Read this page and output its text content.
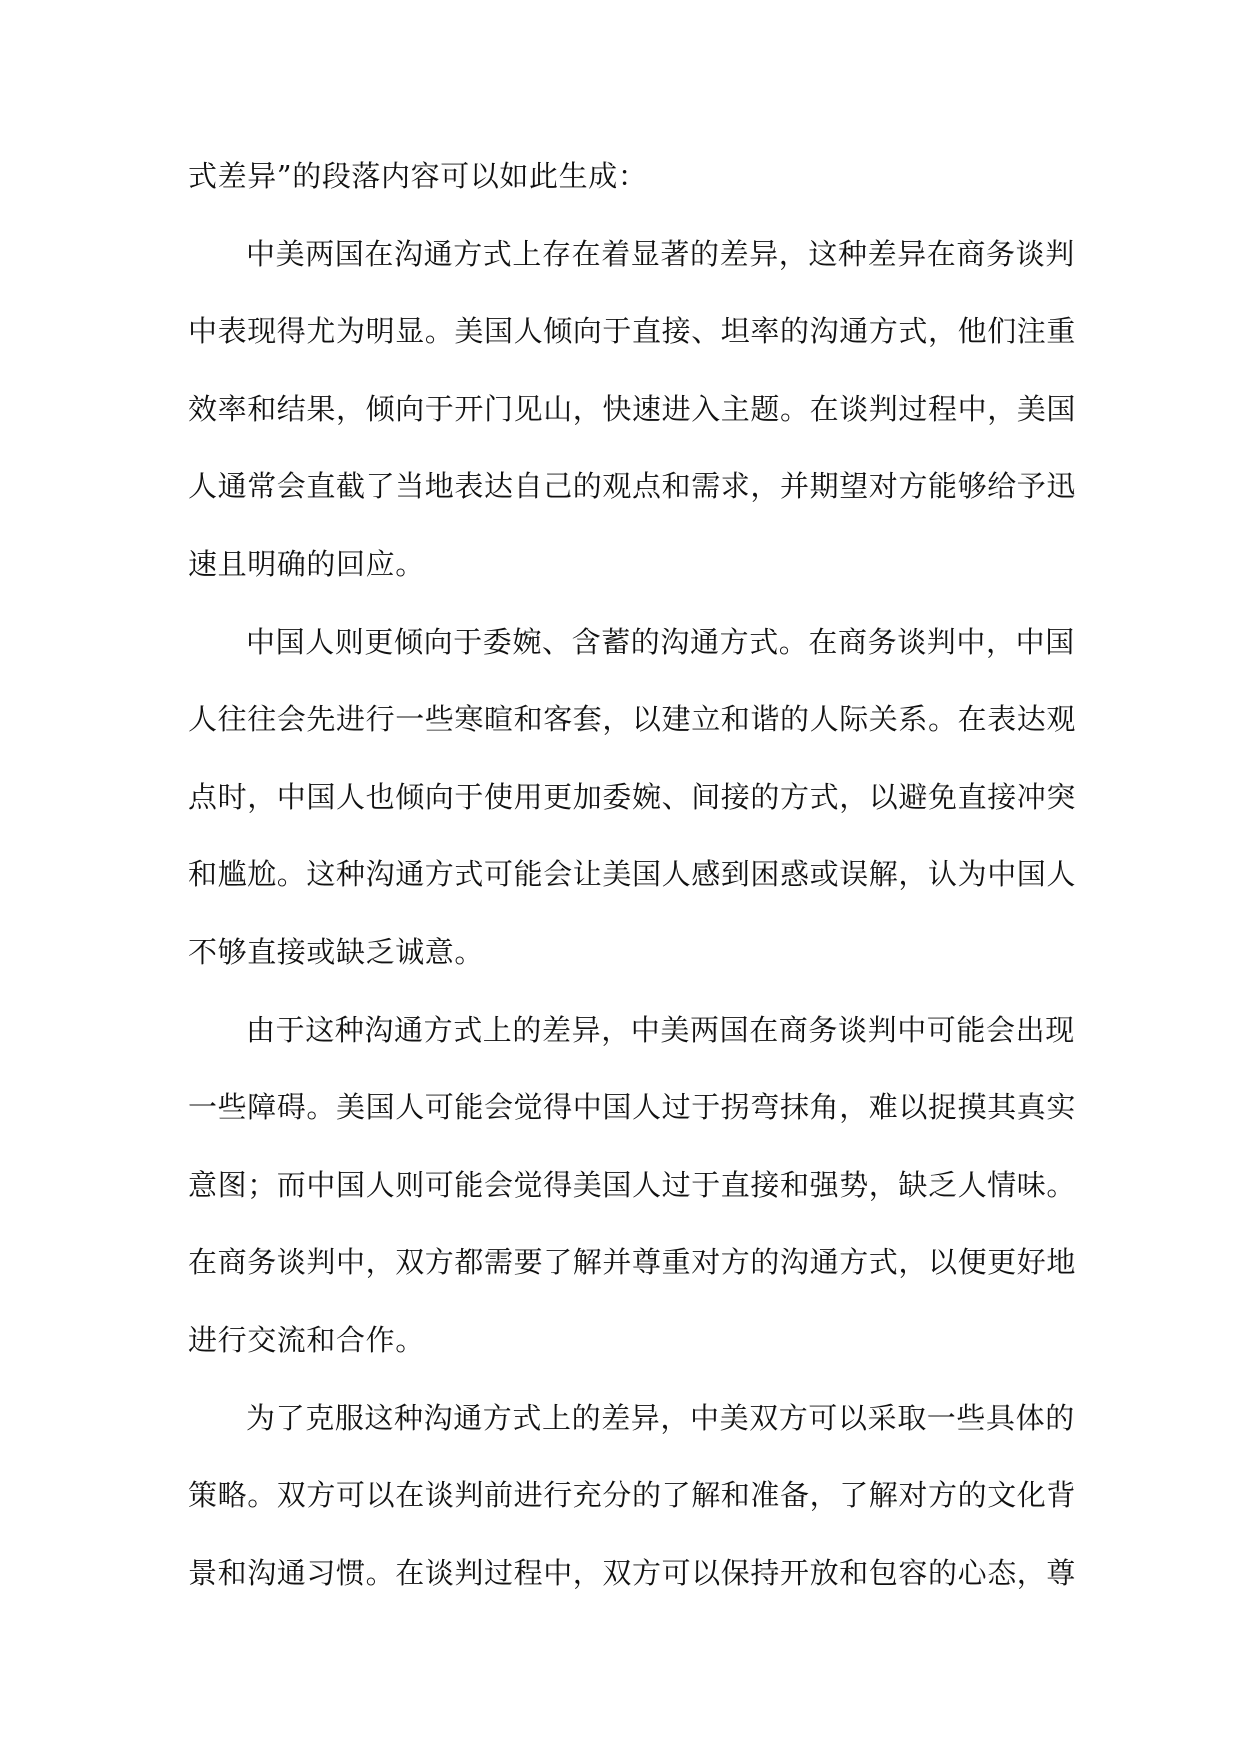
式差异”的段落内容可以如此生成：
中美两国在沟通方式上存在着显著的差异，这种差异在商务谈判
中表现得尤为明显。美国人倾向于直接、坦率的沟通方式，他们注重
效率和结果，倾向于开门见山，快速进入主题。在谈判过程中，美国
人通常会直截了当地表达自己的观点和需求，并期望对方能够给予迅
速且明确的回应。
中国人则更倾向于委婉、含蓄的沟通方式。在商务谈判中，中国
人往往会先进行一些寒暄和客套，以建立和谐的人际关系。在表达观
点时，中国人也倾向于使用更加委婉、间接的方式，以避免直接冲突
和尴尬。这种沟通方式可能会让美国人感到困惑或误解，认为中国人
不够直接或缺乏诚意。
由于这种沟通方式上的差异，中美两国在商务谈判中可能会出现
一些障碍。美国人可能会觉得中国人过于拐弯抹角，难以捉摸其真实
意图；而中国人则可能会觉得美国人过于直接和强势，缺乏人情味。
在商务谈判中，双方都需要了解并尊重对方的沟通方式，以便更好地
进行交流和合作。
为了克服这种沟通方式上的差异，中美双方可以采取一些具体的
策略。双方可以在谈判前进行充分的了解和准备，了解对方的文化背
景和沟通习惯。在谈判过程中，双方可以保持开放和包容的心态，尊
